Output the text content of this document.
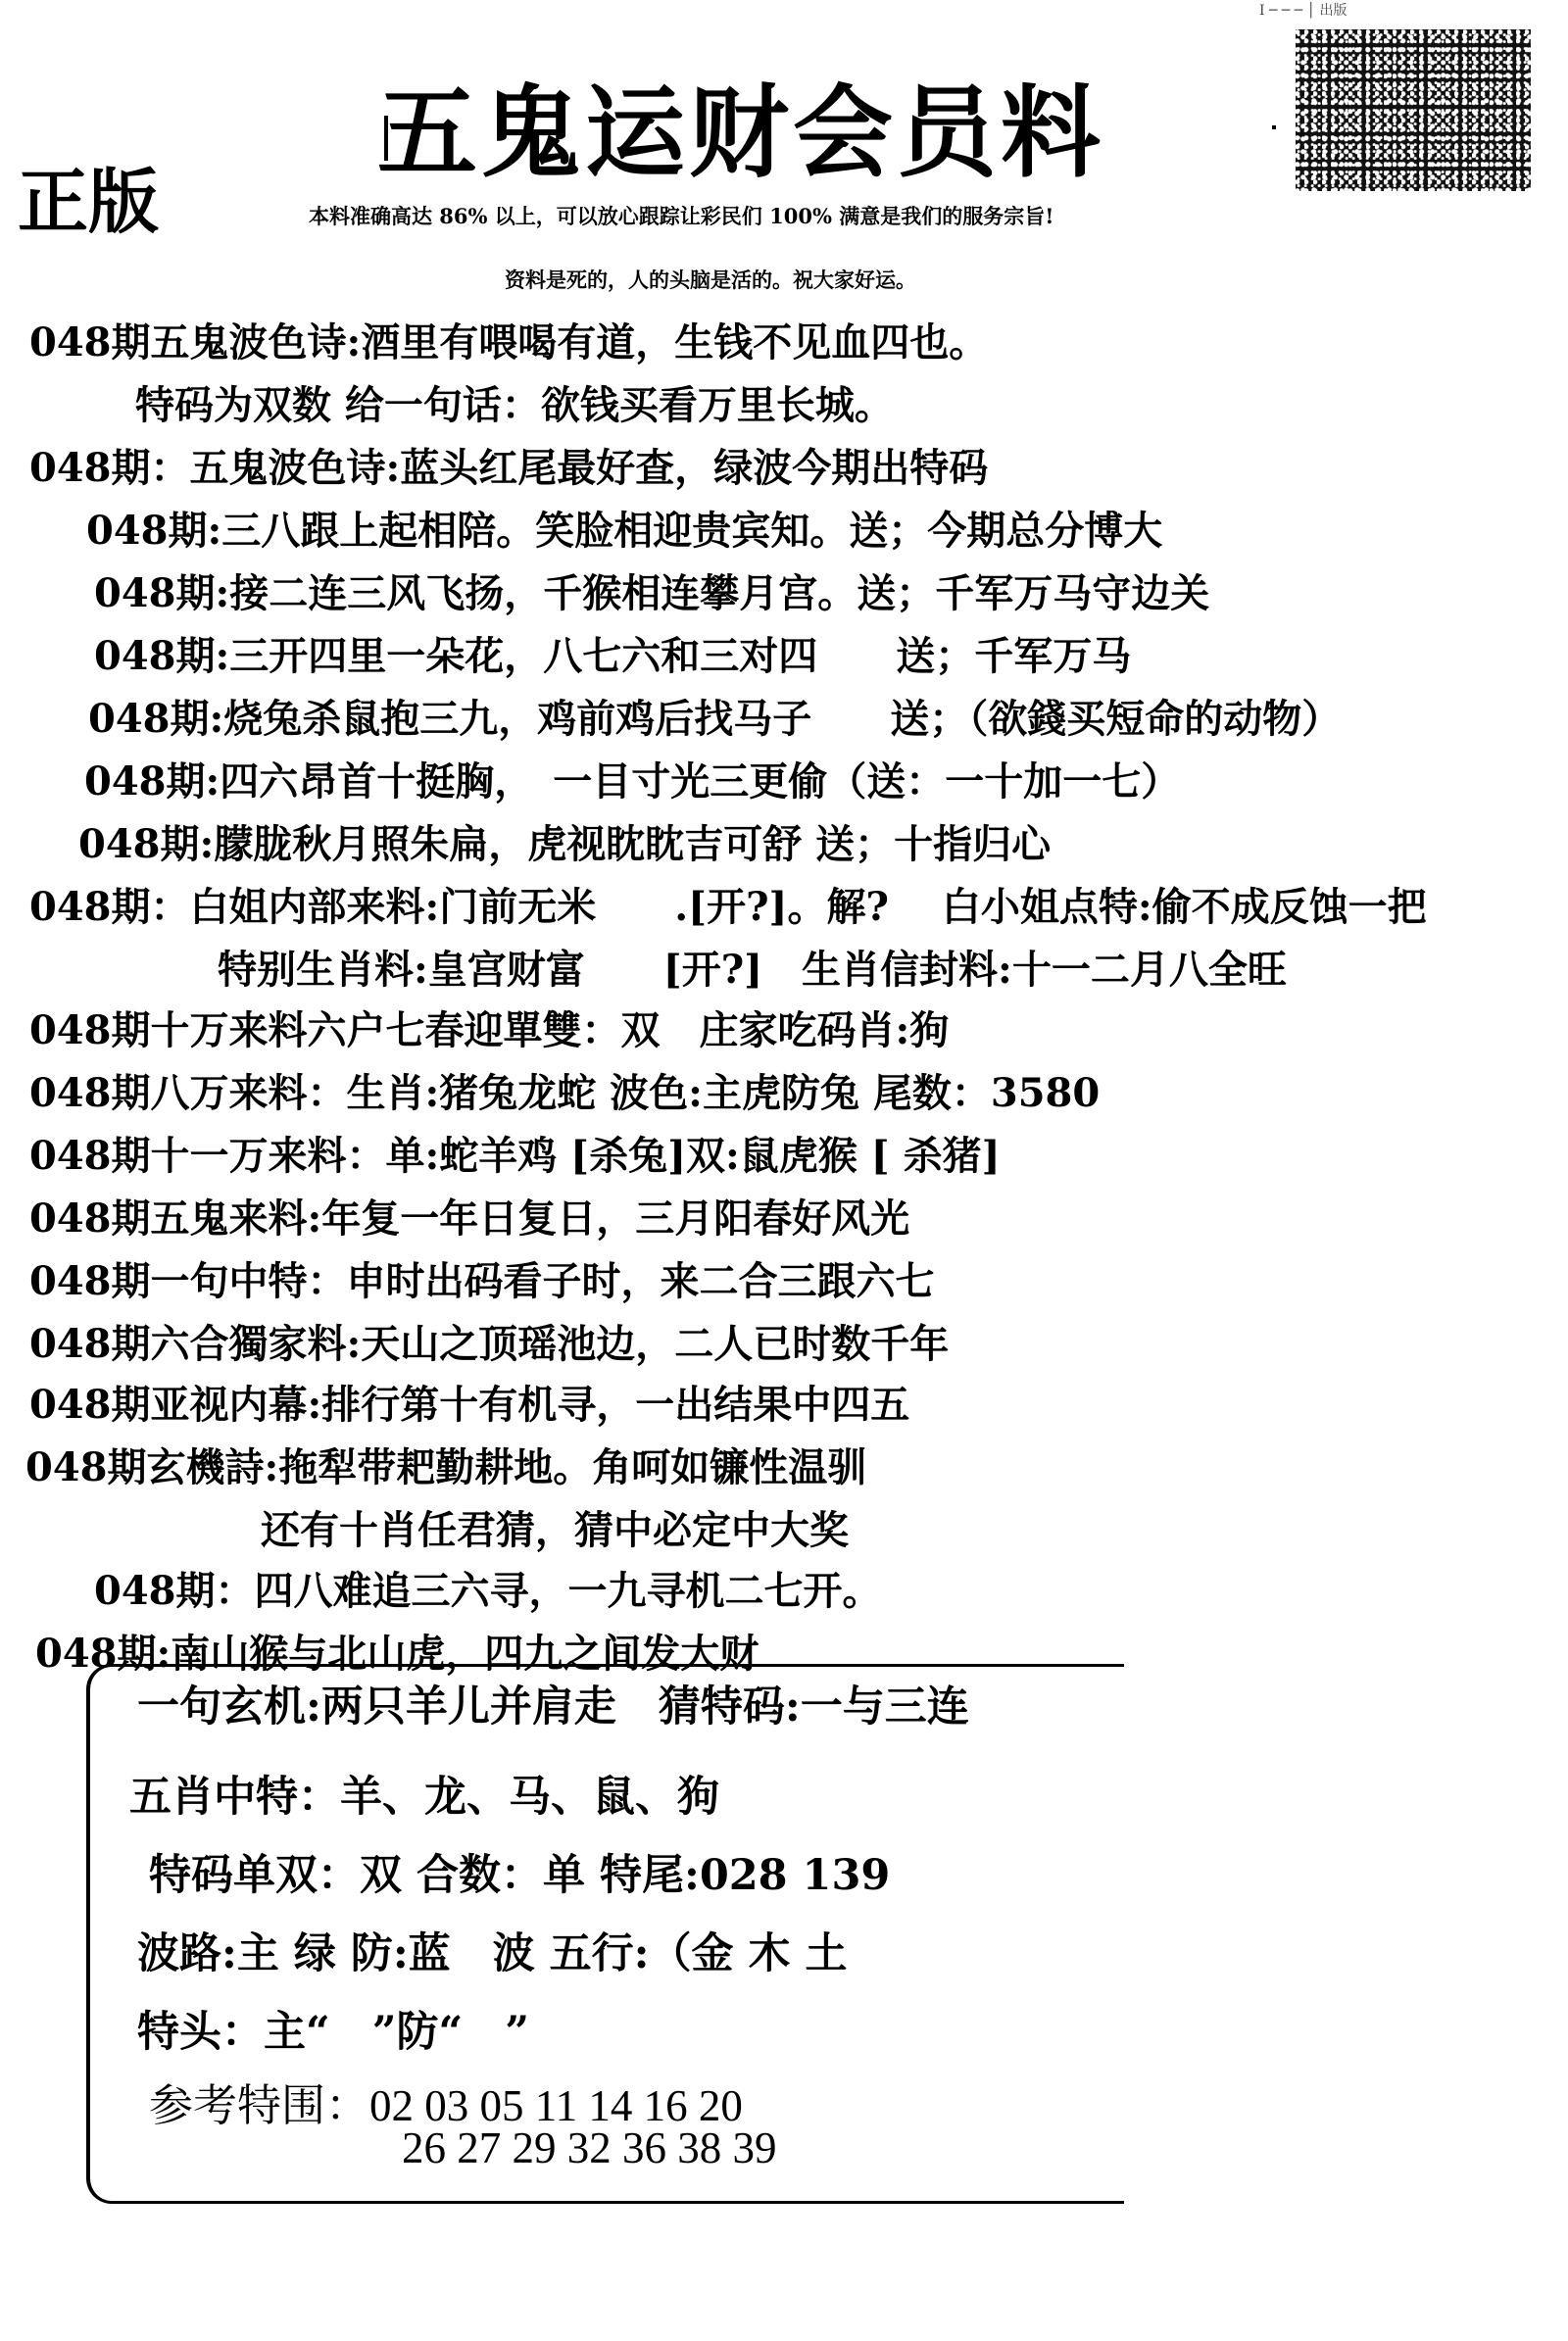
Ⅰ ─ ─ ─ │ 出版
正版
五鬼运财会员料
本料准确高达 86% 以上，可以放心跟踪让彩民们 100% 满意是我们的服务宗旨!
资料是死的，人的头脑是活的。祝大家好运。
048期五鬼波色诗:酒里有喂喝有道，生钱不见血四也。
特码为双数 给一句话：欲钱买看万里长城。
048期：五鬼波色诗:蓝头红尾最好查，绿波今期出特码
048期:三八跟上起相陪。笑脸相迎贵宾知。送；今期总分博大
048期:接二连三风飞扬，千猴相连攀月宫。送；千军万马守边关
048期:三开四里一朵花，八七六和三对四　　送；千军万马
048期:烧兔杀鼠抱三九，鸡前鸡后找马子　　送；（欲錢买短命的动物）
048期:四六昂首十挺胸，　一目寸光三更偷（送：一十加一七）
048期:朦胧秋月照朱扁，虎视眈眈吉可舒 送；十指归心
048期：白姐内部来料:门前无米　　.[开?]。解?　 白小姐点特:偷不成反蚀一把
特别生肖料:皇宫财富　　[开?]　生肖信封料:十一二月八全旺
048期十万来料六户七春迎單雙：双　庄家吃码肖:狗
048期八万来料：生肖:猪兔龙蛇 波色:主虎防兔 尾数：3580
048期十一万来料：单:蛇羊鸡 [杀兔]双:鼠虎猴 [ 杀猪]
048期五鬼来料:年复一年日复日，三月阳春好风光
048期一句中特：申时出码看子时，来二合三跟六七
048期六合獨家料:天山之顶瑶池边，二人已时数千年
048期亚视内幕:排行第十有机寻，一出结果中四五
048期玄機詩:拖犁带耙勤耕地。角呵如镰性温驯
还有十肖任君猜，猜中必定中大奖
048期：四八难追三六寻，一九寻机二七开。
048期:南山猴与北山虎，四九之间发大财
一句玄机:两只羊儿并肩走　猜特码:一与三连
五肖中特：羊、龙、马、鼠、狗
特码单双：双 合数：单 特尾:028 139
波路:主 绿 防:蓝　波 五行:（金 木 土
特头：主“　”防“　”
参考特围：02 03 05 11 14 16 20
26 27 29 32 36 38 39
